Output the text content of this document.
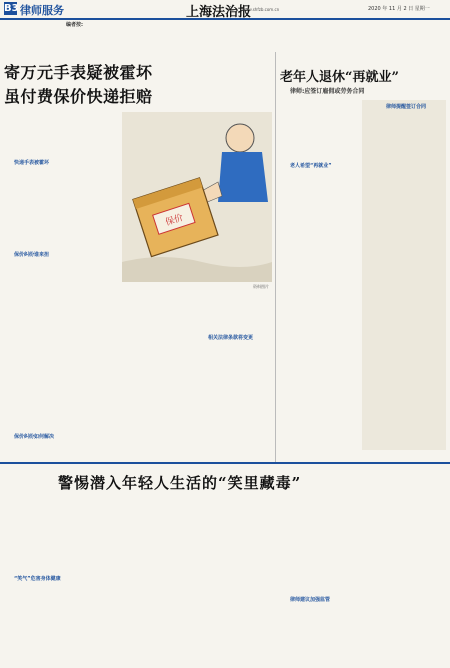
B3 律师服务	上海法治报
www.shfzb.com.cn	2020 年 11 月 2 日 星期一
编者按:
寄万元手表疑被霍坏
虽付费保价快递拒赔
快递手表被霍坏
保价纠纷谁来担
保价纠纷如何解决
保价
资料图片
相关法律条款将变更
老年人退休“再就业”
律师:应签订雇佣或劳务合同
老人希望“再就业”
律师提醒签订合同
警惕潜入年轻人生活的“笑里藏毒”
“笑气”危害身体健康
律师建议加强监管
